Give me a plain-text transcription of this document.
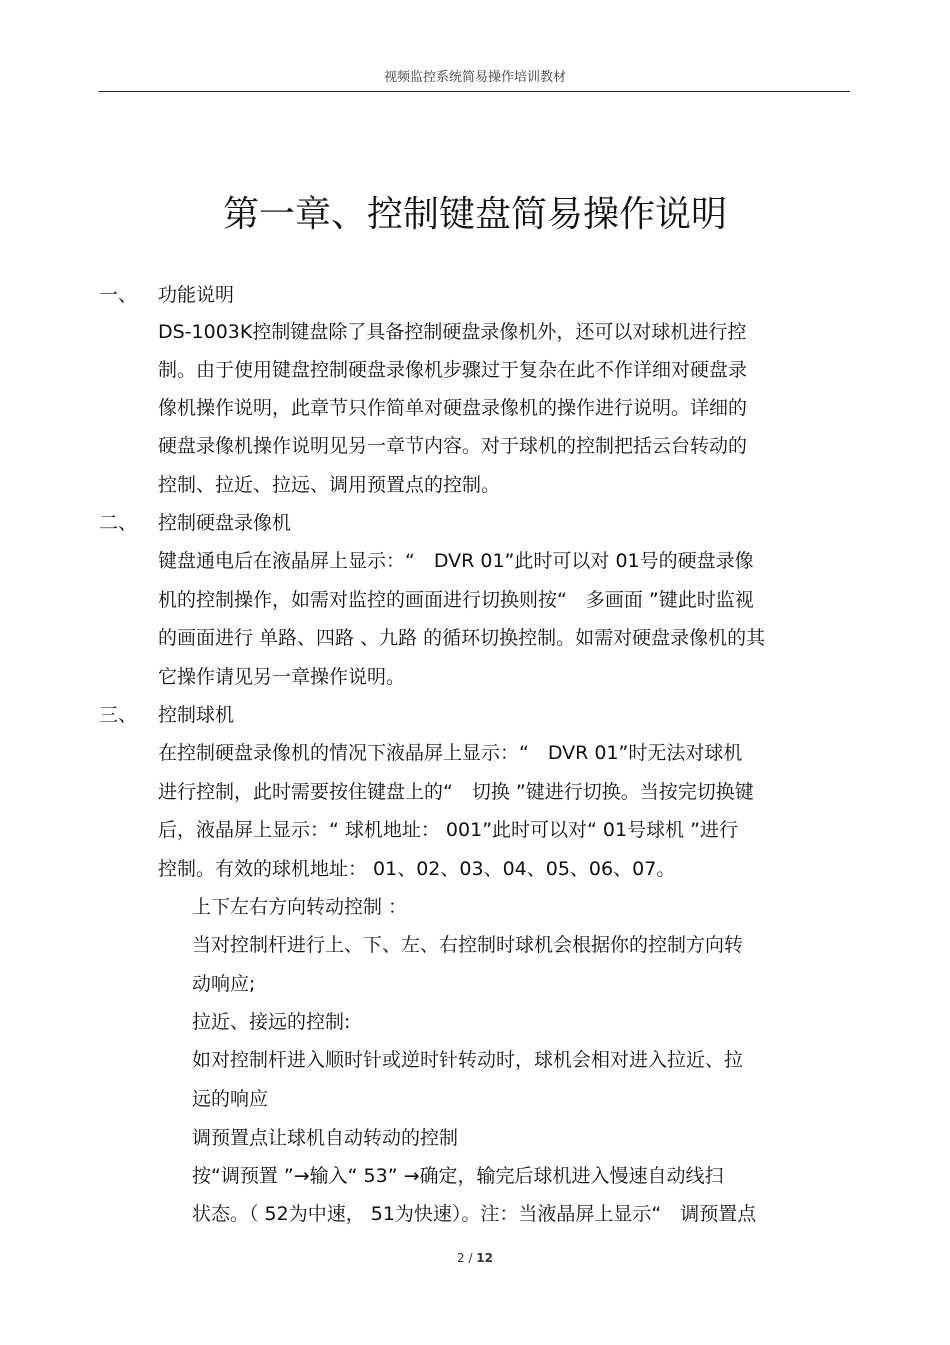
视频监控系统简易操作培训教材
第一章、控制键盘简易操作说明
一、 功能说明
DS-1003K控制键盘除了具备控制硬盘录像机外，还可以对球机进行控
制。由于使用键盘控制硬盘录像机步骤过于复杂在此不作详细对硬盘录
像机操作说明，此章节只作简单对硬盘录像机的操作进行说明。详细的
硬盘录像机操作说明见另一章节内容。对于球机的控制把括云台转动的
控制、拉近、拉远、调用预置点的控制。
二、 控制硬盘录像机
键盘通电后在液晶屏上显示：“　DVR 01”此时可以对 01号的硬盘录像
机的控制操作，如需对监控的画面进行切换则按“　多画面 ”键此时监视
的画面进行 单路、四路 、九路 的循环切换控制。如需对硬盘录像机的其
它操作请见另一章操作说明。
三、 控制球机
在控制硬盘录像机的情况下液晶屏上显示：“　DVR 01”时无法对球机
进行控制，此时需要按住键盘上的“　切换 ”键进行切换。当按完切换键
后，液晶屏上显示：“ 球机地址： 001”此时可以对“ 01号球机 ”进行
控制。有效的球机地址： 01、02、03、04、05、06、07。
上下左右方向转动控制 ：
当对控制杆进行上、下、左、右控制时球机会根据你的控制方向转
动响应;
拉近、接远的控制:
如对控制杆进入顺时针或逆时针转动时，球机会相对进入拉近、拉
远的响应
调预置点让球机自动转动的控制
按“调预置 ”→输入“ 53” →确定，输完后球机进入慢速自动线扫
状态。（ 52为中速， 51为快速）。注：当液晶屏上显示“　调预置点
2 / 12
